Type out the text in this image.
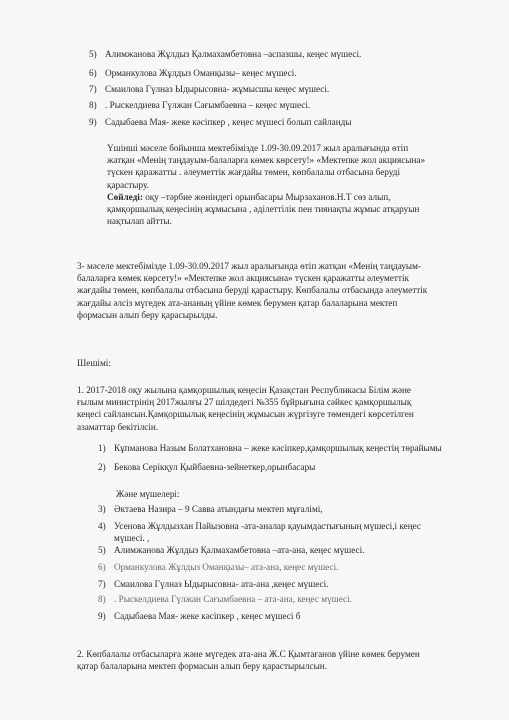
5) Алимжанова Жұлдыз Қалмахамбетовна –аспазшы, кеңес мүшесі.
6) Орманкулова Жұлдыз Оманқызы– кеңес мүшесі.
7) Смаилова Гүлназ Ыдырысовна- жұмысшы кеңес мүшесі.
8) . Рыскелдиева Гүлжан Сағымбаевна – кеңес мүшесі.
9) Садыбаева Мая- жеке кәсіпкер , кеңес мүшесі болып сайланды
Үшінші мәселе бойынша мектебімізде 1.09-30.09.2017 жыл аралығында өтіп
жатқан «Менің таңдауым-балаларға көмек көрсету!» «Мектепке жол акциясына»
түскен қаражатты . әлеуметтік жағдайы төмен, көпбалалы отбасына беруді
қарастыру.
Сөйледі: оқу –тәрбие жөніндегі орынбасары Мырзаханов.Н.Т сөз алып,
қамқоршылық кеңесінің жұмысына , әділеттілік пен тиянақты жұмыс атқаруын
нақтылап айтты.
3- мәселе мектебімізде 1.09-30.09.2017 жыл аралығында өтіп жатқан «Менің таңдауым-
балаларға көмек көрсету!» «Мектепке жол акциясына» түскен қаражатты әлеуметтік
жағдайы төмен, көпбалалы отбасына беруді қарастыру. Көпбалалы отбасында әлеуметтік
жағдайы әлсіз мүгедек ата-ананың үйіне көмек берумен қатар балаларына мектеп
формасын алып беру қарасырылды.
Шешімі:
1. 2017-2018 оқу жылына қамқоршылық кеңесін Қазақстан Республикасы Білім және
ғылым министрінің 2017жылғы 27 шілдедегі №355 бұйрығына сәйкес қамқоршылық
кеңесі сайлансын.Қамқоршылық кеңесінің жұмысын жүргізуге төмендегі көрсетілген
азаматтар бекітілсін.
1) Кұпманова Назым Болатхановна – жеке кәсіпкер,қамқоршылық кеңестің төрайымы
2) Бекова Серікқул Қыйбаевна-зейнеткер,орынбасары
Және мүшелері:
3) Әктаева Назира – 9 Савва атындағы мектеп мұғалімі,
4) Усенова Жұлдызхан Пайызовна -ата-аналар қауымдастығының мүшесі,і кеңес
мүшесі. ,
5) Алимжанова Жұлдыз Қалмахамбетовна –ата-ана, кеңес мүшесі.
6) Орманкулова Жұлдыз Оманқызы– ата-ана, кеңес мүшесі.
7) Смаилова Гүлназ Ыдырысовна- ата-ана ,кеңес мүшесі.
8) . Рыскелдиева Гүлжан Сағымбаевна – ата-ана, кеңес мүшесі.
9) Садыбаева Мая- жеке кәсіпкер , кеңес мүшесі б
2. Көпбалалы отбасыларға және мүгедек ата-ана Ж.С Қымтағанов үйіне көмек берумен
қатар балаларына мектеп формасын алып беру қарастырылсын.
